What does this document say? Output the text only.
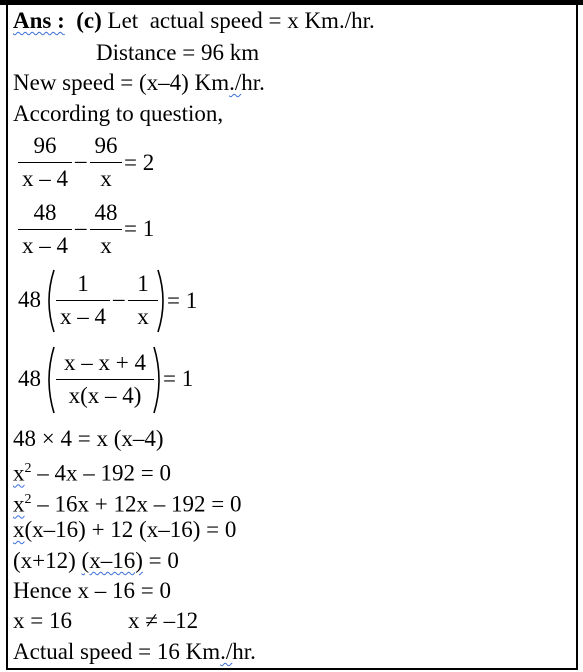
Ans : (c) Let actual speed = x Km./hr.
Distance = 96 km
New speed = (x–4) Km./hr.
According to question,
96
x – 4
–
96
x
= 2
48
x – 4
–
48
x
= 1
48
1
x – 4
–
1
x
= 1
48
x – x + 4
x(x – 4)
= 1
48 × 4 = x (x–4)
$x^2 - 4x - 192 = 0$
$x^2 - 16x + 12x - 192 = 0$
x(x–16) + 12 (x–16) = 0
(x+12) (x–16) = 0
Hence x – 16 = 0
x = 16 x ≠ –12
Actual speed = 16 Km./hr.
